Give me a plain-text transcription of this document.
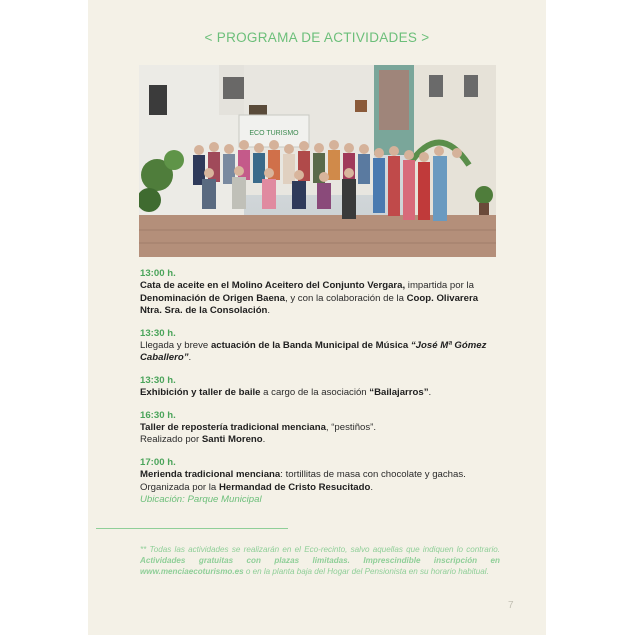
< PROGRAMA DE ACTIVIDADES >
ECO TURISMO
13:00 h.
Cata de aceite en el Molino Aceitero del Conjunto Vergara, impartida por la Denominación de Origen Baena, y con la colaboración de la Coop. Olivarera Ntra. Sra. de la Consolación.
13:30 h.
Llegada y breve actuación de la Banda Municipal de Música “José Mª Gómez Caballero”.
13:30 h.
Exhibición y taller de baile a cargo de la asociación “Bailajarros”.
16:30 h.
Taller de repostería tradicional menciana, “pestiños”.
Realizado por Santi Moreno.
17:00 h.
Merienda tradicional menciana: tortillitas de masa con chocolate y gachas.
Organizada por la Hermandad de Cristo Resucitado.
Ubicación: Parque Municipal
** Todas las actividades se realizarán en el Eco-recinto, salvo aquellas que indiquen lo contrario. Actividades gratuitas con plazas limitadas. Imprescindible inscripción en www.menciaecoturismo.es o en la planta baja del Hogar del Pensionista en su horario habitual.
7
